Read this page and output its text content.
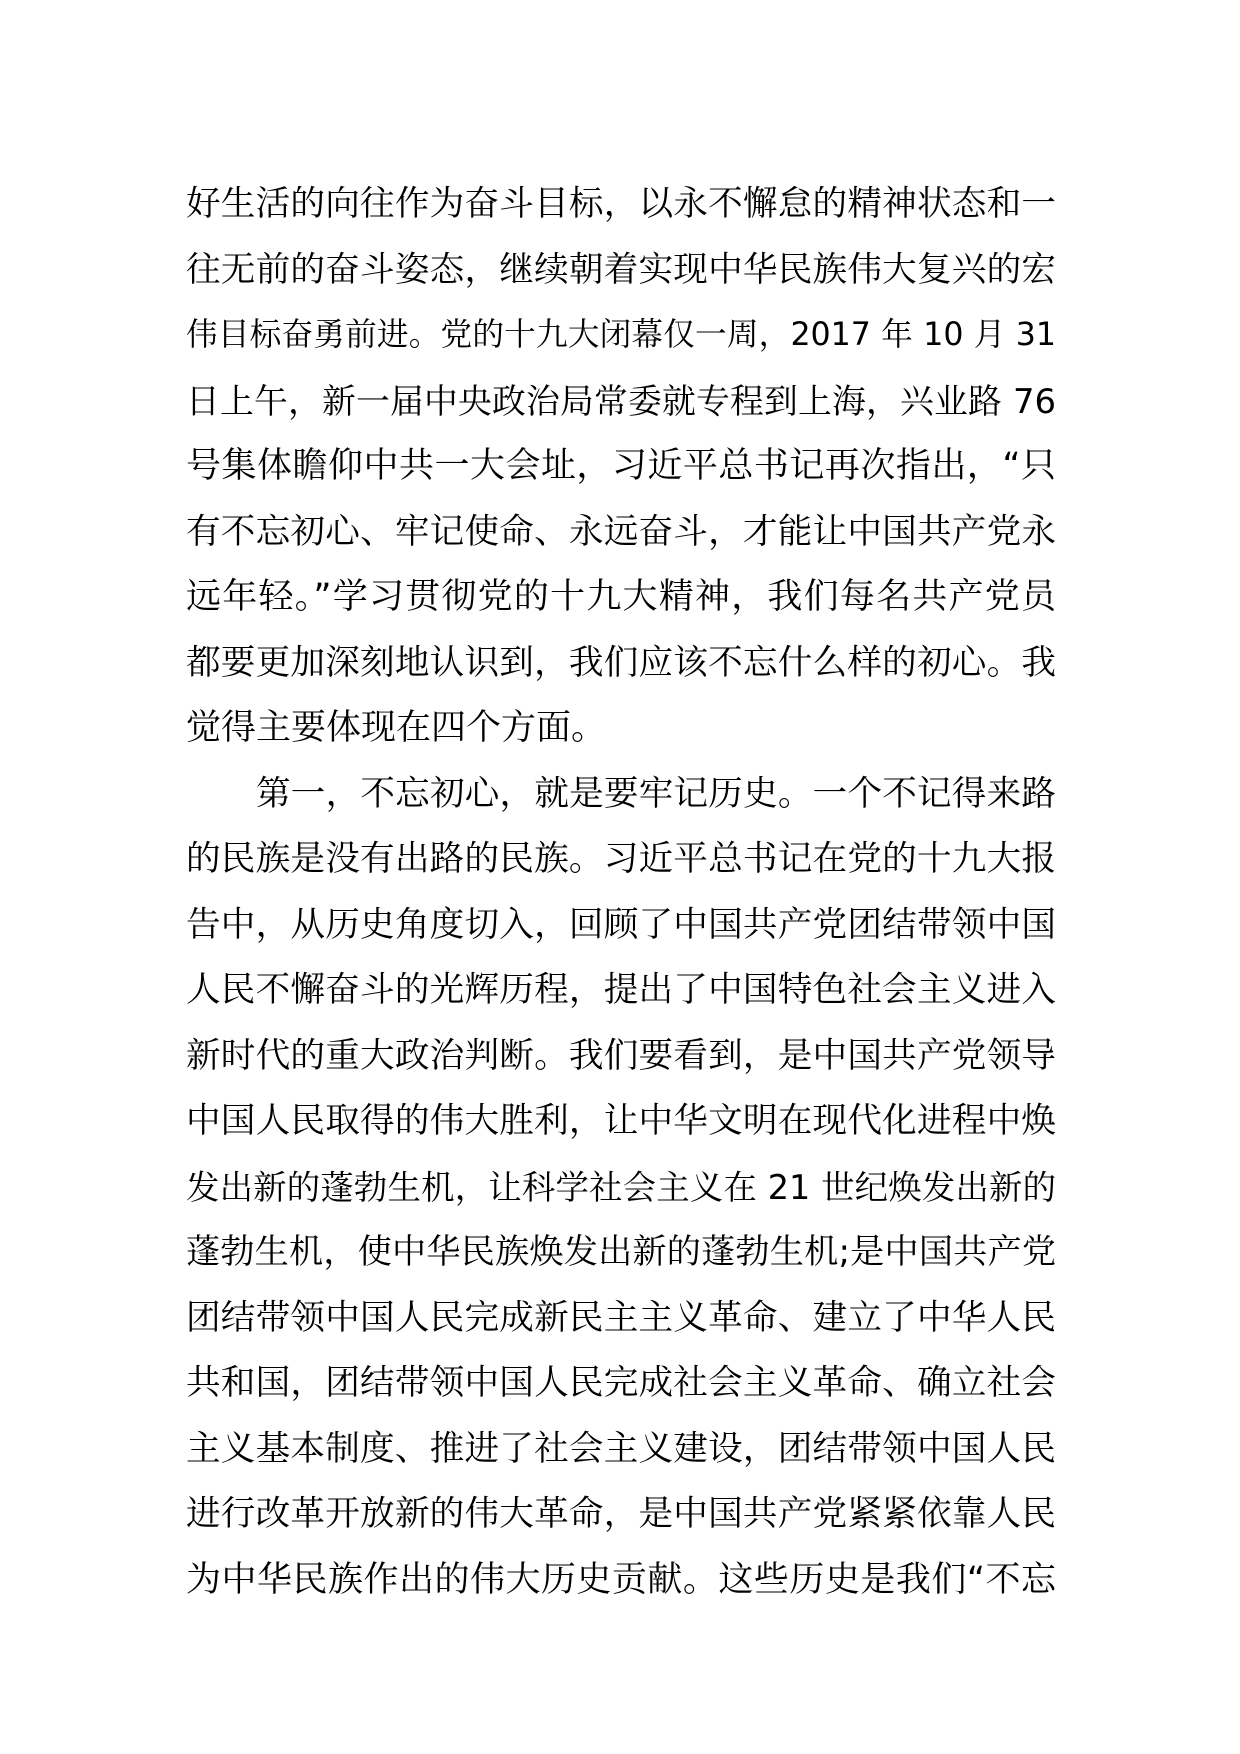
好生活的向往作为奋斗目标，以永不懈怠的精神状态和一
往无前的奋斗姿态，继续朝着实现中华民族伟大复兴的宏
伟目标奋勇前进。党的十九大闭幕仅一周，2017 年 10 月 31
日上午，新一届中央政治局常委就专程到上海，兴业路 76
号集体瞻仰中共一大会址，习近平总书记再次指出，“只
有不忘初心、牢记使命、永远奋斗，才能让中国共产党永
远年轻。”学习贯彻党的十九大精神，我们每名共产党员
都要更加深刻地认识到，我们应该不忘什么样的初心。我
觉得主要体现在四个方面。
第一，不忘初心，就是要牢记历史。一个不记得来路
的民族是没有出路的民族。习近平总书记在党的十九大报
告中，从历史角度切入，回顾了中国共产党团结带领中国
人民不懈奋斗的光辉历程，提出了中国特色社会主义进入
新时代的重大政治判断。我们要看到，是中国共产党领导
中国人民取得的伟大胜利，让中华文明在现代化进程中焕
发出新的蓬勃生机，让科学社会主义在 21 世纪焕发出新的
蓬勃生机，使中华民族焕发出新的蓬勃生机;是中国共产党
团结带领中国人民完成新民主主义革命、建立了中华人民
共和国，团结带领中国人民完成社会主义革命、确立社会
主义基本制度、推进了社会主义建设，团结带领中国人民
进行改革开放新的伟大革命，是中国共产党紧紧依靠人民
为中华民族作出的伟大历史贡献。这些历史是我们“不忘
